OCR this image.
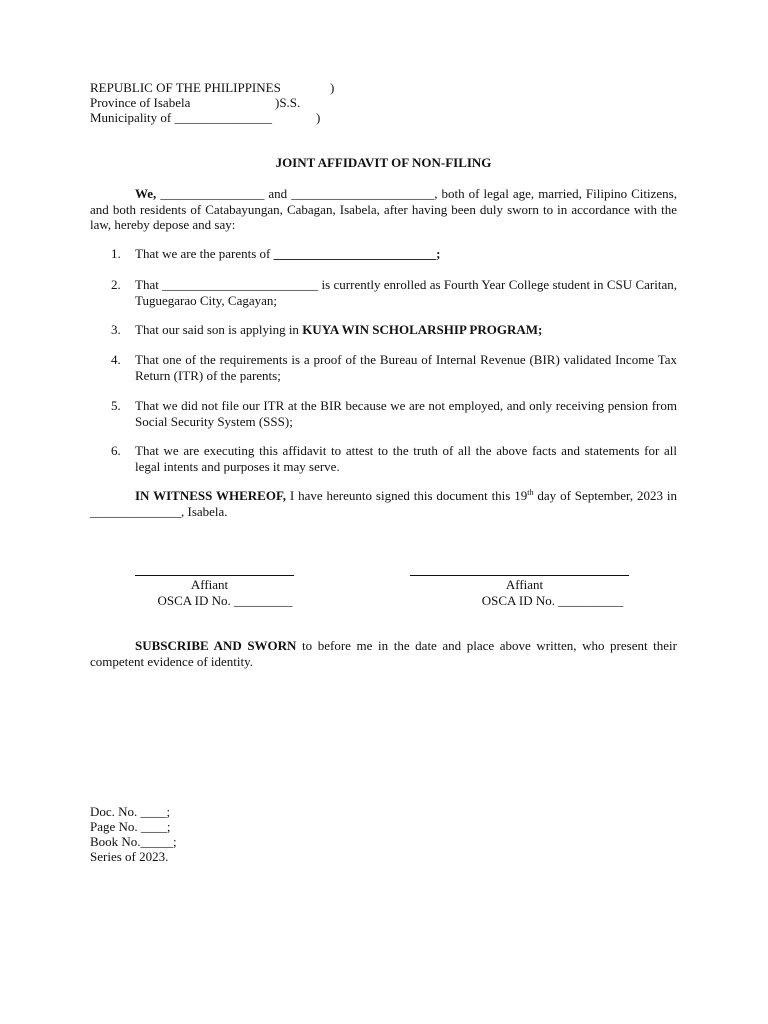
REPUBLIC OF THE PHILIPPINES	)
Province of Isabela	)S.S.
Municipality of _______________	)
JOINT AFFIDAVIT OF NON-FILING
We, ________________ and ______________________, both of legal age, married, Filipino Citizens, and both residents of Catabayungan, Cabagan, Isabela, after having been duly sworn to in accordance with the law, hereby depose and say:
1. That we are the parents of _________________________;
2. That ________________________ is currently enrolled as Fourth Year College student in CSU Caritan, Tuguegarao City, Cagayan;
3. That our said son is applying in KUYA WIN SCHOLARSHIP PROGRAM;
4. That one of the requirements is a proof of the Bureau of Internal Revenue (BIR) validated Income Tax Return (ITR) of the parents;
5. That we did not file our ITR at the BIR because we are not employed, and only receiving pension from Social Security System (SSS);
6. That we are executing this affidavit to attest to the truth of all the above facts and statements for all legal intents and purposes it may serve.
IN WITNESS WHEREOF, I have hereunto signed this document this 19th day of September, 2023 in ______________, Isabela.
Affiant
OSCA ID No. _________
Affiant
OSCA ID No. __________
SUBSCRIBE AND SWORN to before me in the date and place above written, who present their competent evidence of identity.
Doc. No. ____;
Page No. ____;
Book No._____;
Series of 2023.
